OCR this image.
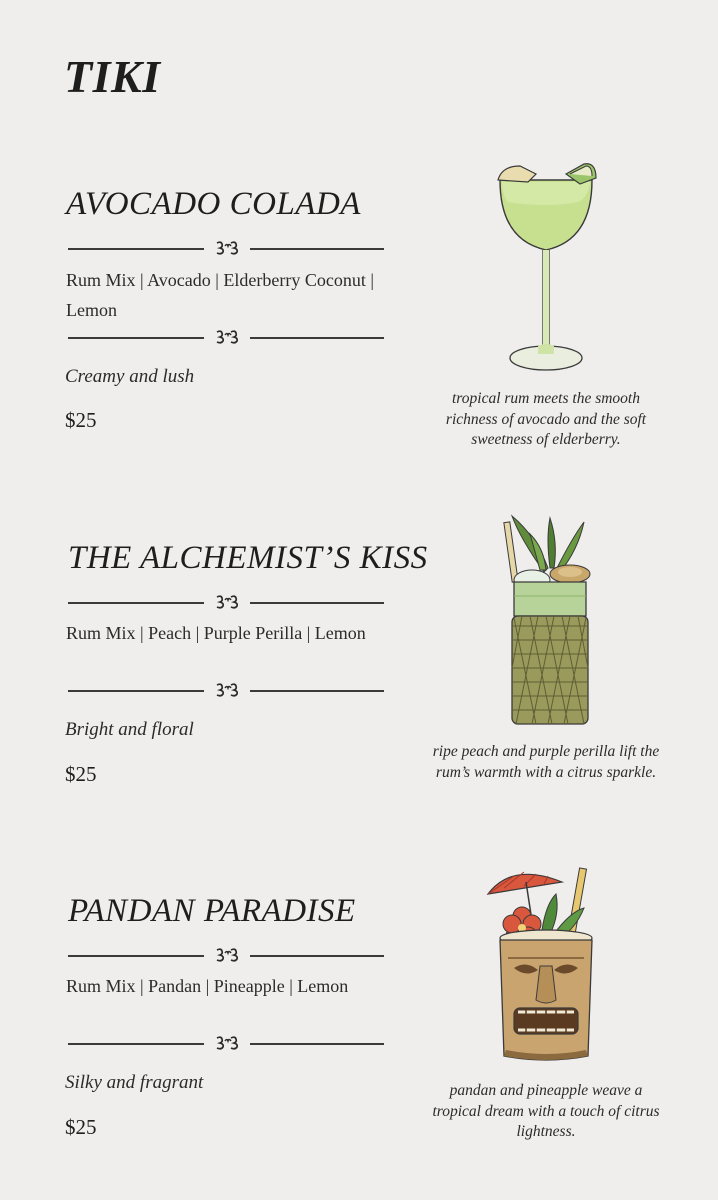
TIKI
AVOCADO COLADA
Rum Mix | Avocado | Elderberry Coconut | Lemon
Creamy and lush
$25
tropical rum meets the smooth richness of avocado and the soft sweetness of elderberry.
THE ALCHEMIST’S KISS
Rum Mix | Peach | Purple Perilla | Lemon
Bright and floral
$25
ripe peach and purple perilla lift the rum’s warmth with a citrus sparkle.
PANDAN PARADISE
Rum Mix | Pandan | Pineapple | Lemon
Silky and fragrant
$25
pandan and pineapple weave a tropical dream with a touch of citrus lightness.
